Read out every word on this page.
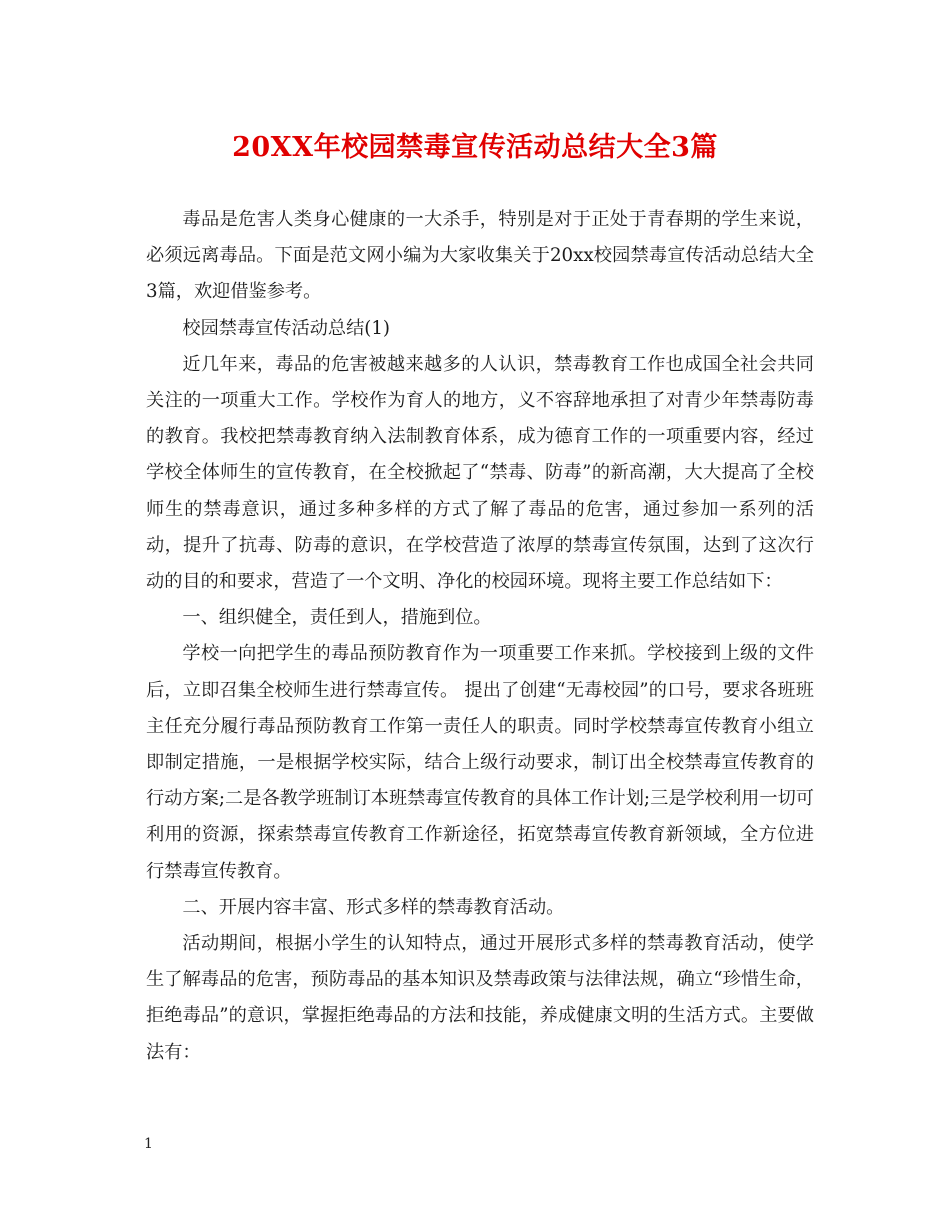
20XX年校园禁毒宣传活动总结大全3篇

毒品是危害人类身心健康的一大杀手，特别是对于正处于青春期的学生来说，必须远离毒品。下面是范文网小编为大家收集关于20xx校园禁毒宣传活动总结大全3篇，欢迎借鉴参考。

校园禁毒宣传活动总结(1)

近几年来，毒品的危害被越来越多的人认识，禁毒教育工作也成国全社会共同关注的一项重大工作。学校作为育人的地方，义不容辞地承担了对青少年禁毒防毒的教育。我校把禁毒教育纳入法制教育体系，成为德育工作的一项重要内容，经过学校全体师生的宣传教育，在全校掀起了“禁毒、防毒”的新高潮，大大提高了全校师生的禁毒意识，通过多种多样的方式了解了毒品的危害，通过参加一系列的活动，提升了抗毒、防毒的意识，在学校营造了浓厚的禁毒宣传氛围，达到了这次行动的目的和要求，营造了一个文明、净化的校园环境。现将主要工作总结如下：

一、组织健全，责任到人，措施到位。

学校一向把学生的毒品预防教育作为一项重要工作来抓。学校接到上级的文件后，立即召集全校师生进行禁毒宣传。 提出了创建“无毒校园”的口号，要求各班班主任充分履行毒品预防教育工作第一责任人的职责。同时学校禁毒宣传教育小组立即制定措施，一是根据学校实际，结合上级行动要求，制订出全校禁毒宣传教育的行动方案;二是各教学班制订本班禁毒宣传教育的具体工作计划;三是学校利用一切可利用的资源，探索禁毒宣传教育工作新途径，拓宽禁毒宣传教育新领域，全方位进行禁毒宣传教育。

二、开展内容丰富、形式多样的禁毒教育活动。

活动期间，根据小学生的认知特点，通过开展形式多样的禁毒教育活动，使学生了解毒品的危害，预防毒品的基本知识及禁毒政策与法律法规，确立“珍惜生命，拒绝毒品”的意识，掌握拒绝毒品的方法和技能，养成健康文明的生活方式。主要做法有：

1
